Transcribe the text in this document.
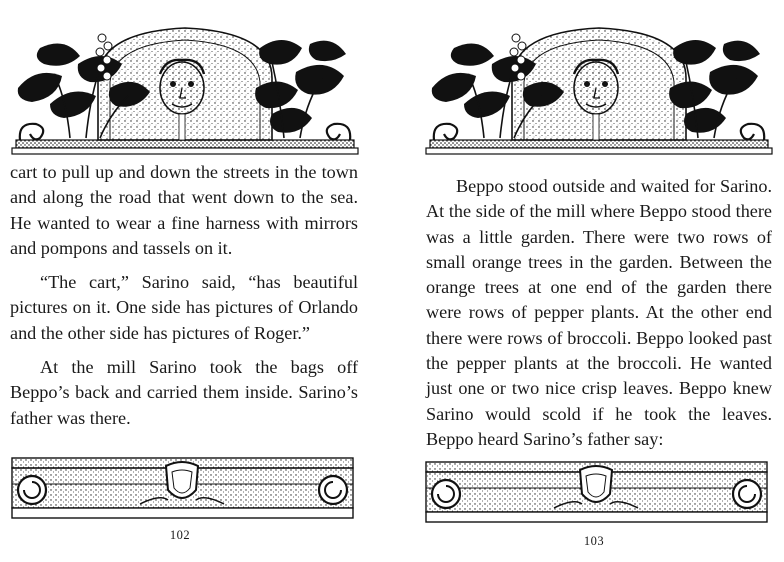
cart to pull up and down the streets in the town and along the road that went down to the sea. He wanted to wear a fine harness with mirrors and pompons and tassels on it.

“The cart,” Sarino said, “has beautiful pictures on it. One side has pictures of Orlando and the other side has pictures of Roger.”

At the mill Sarino took the bags off Beppo’s back and carried them inside. Sarino’s father was there.

102

Beppo stood outside and waited for Sarino. At the side of the mill where Beppo stood there was a little garden. There were two rows of small orange trees in the garden. Between the orange trees at one end of the garden there were rows of pepper plants. At the other end there were rows of broccoli. Beppo looked past the pepper plants at the broccoli. He wanted just one or two nice crisp leaves. Beppo knew Sarino would scold if he took the leaves. Beppo heard Sarino’s father say:

103
